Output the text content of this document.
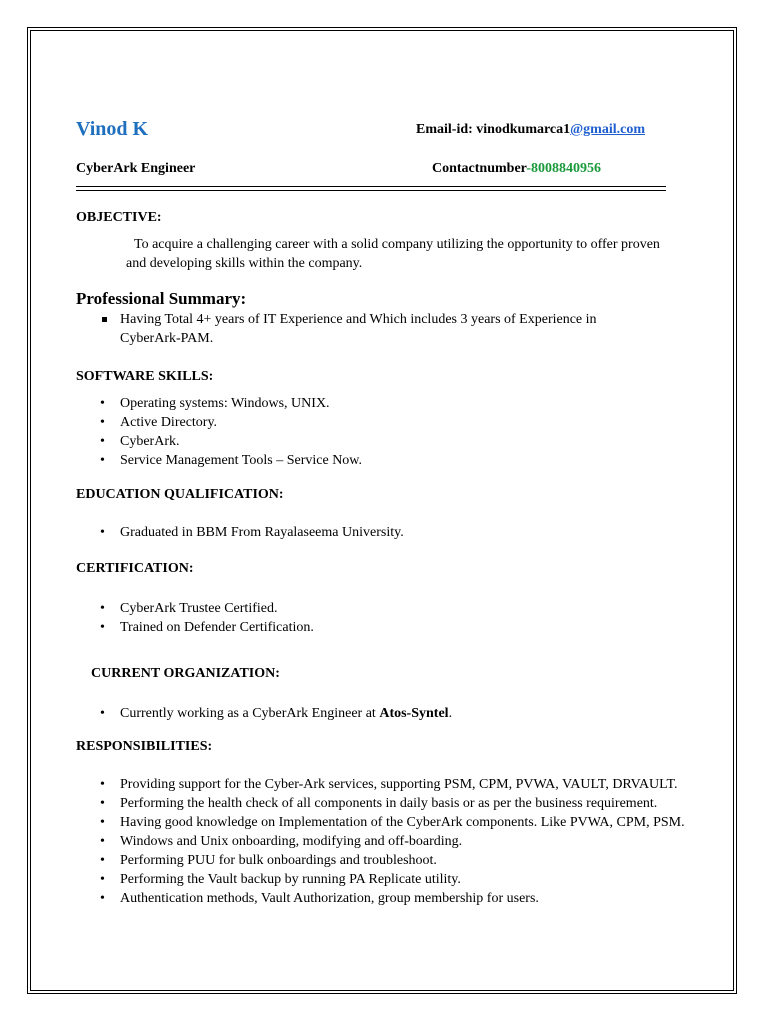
Vinod K	Email-id: vinodkumarca1@gmail.com
CyberArk Engineer	Contactnumber-8008840956
OBJECTIVE:
To acquire a challenging career with a solid company utilizing the opportunity to offer proven and developing skills within the company.
Professional Summary:
Having Total 4+ years of IT Experience and Which includes 3 years of Experience in CyberArk-PAM.
SOFTWARE SKILLS:
• Operating systems: Windows, UNIX.
• Active Directory.
• CyberArk.
• Service Management Tools – Service Now.
EDUCATION QUALIFICATION:
• Graduated in BBM From Rayalaseema University.
CERTIFICATION:
• CyberArk Trustee Certified.
• Trained on Defender Certification.
CURRENT ORGANIZATION:
• Currently working as a CyberArk Engineer at Atos-Syntel.
RESPONSIBILITIES:
• Providing support for the Cyber-Ark services, supporting PSM, CPM, PVWA, VAULT, DRVAULT.
• Performing the health check of all components in daily basis or as per the business requirement.
• Having good knowledge on Implementation of the CyberArk components. Like PVWA, CPM, PSM.
• Windows and Unix onboarding, modifying and off-boarding.
• Performing PUU for bulk onboardings and troubleshoot.
• Performing the Vault backup by running PA Replicate utility.
• Authentication methods, Vault Authorization, group membership for users.
